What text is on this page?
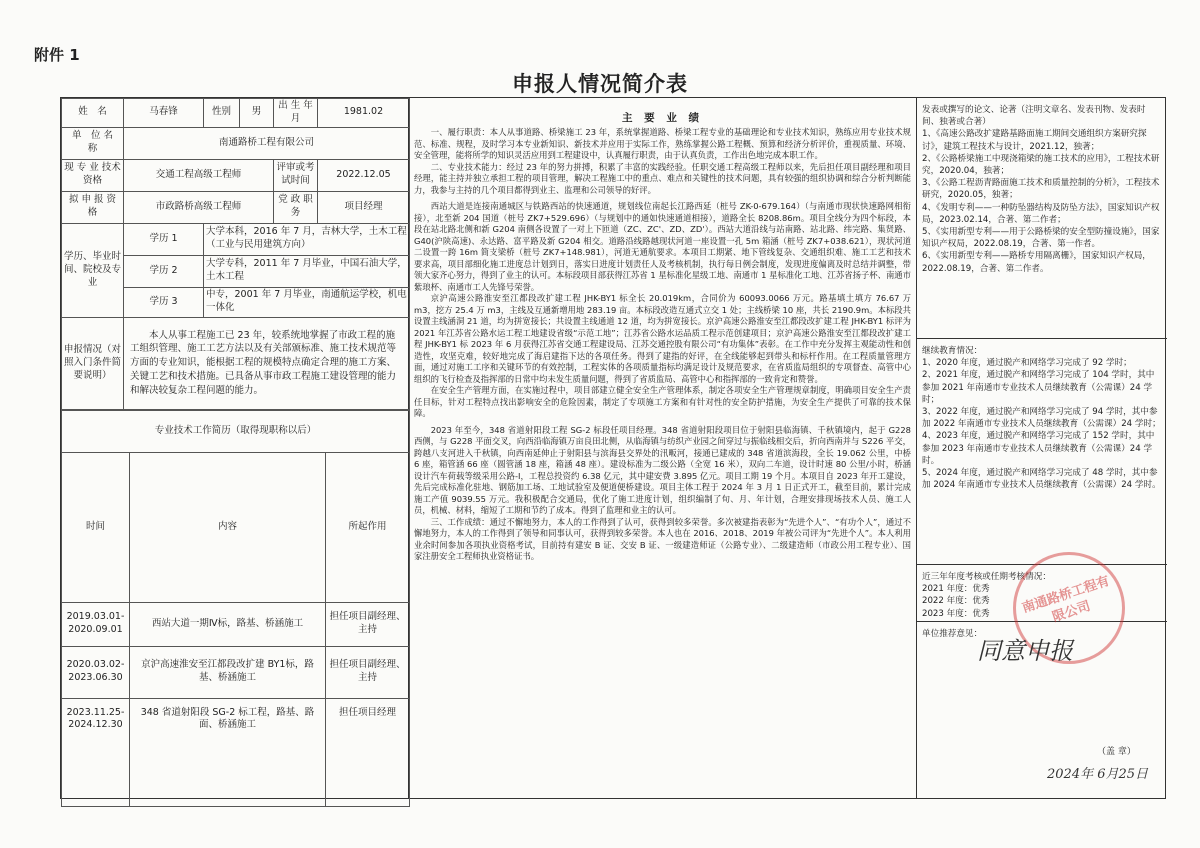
附件 1
申报人情况简介表
姓　名	马春锋	性别	男	出 生 年 月	1981.02
单　位 名　称	南通路桥工程有限公司				
现 专 业 技术资格	交通工程高级工程师			评审或考试时间	2022.12.05
拟 申 报 资　格	市政路桥高级工程师			党 政 职 务	项目经理
学历、毕业时间、院校及专业	学历 1	大学本科，2016 年 7 月，吉林大学，土木工程（工业与民用建筑方向）			
	学历 2	大学专科，2011 年 7 月毕业，中国石油大学，土木工程			
	学历 3	中专，2001 年 7 月毕业，南通航运学校，机电一体化			
申报情况（对照入门条件简要说明）	本人从事工程施工已 23 年，较系统地掌握了市政工程的施工组织管理、施工工艺方法以及有关部颁标准、施工技术规范等方面的专业知识，能根据工程的规模特点确定合理的施工方案、关键工艺和技术措施。已具备从事市政工程施工建设管理的能力和解决较复杂工程问题的能力。				
专业技术工作简历（取得现职称以后）		
时间	内容	所起作用
2019.03.01-2020.09.01	西站大道一期Ⅳ标，路基、桥涵施工	担任项目副经理、主持
2020.03.02-2023.06.30	京沪高速淮安至江都段改扩建 BY1标，路基、桥涵施工	担任项目副经理、主持
2023.11.25-2024.12.30	348 省道射阳段 SG-2 标工程，路基、路面、桥涵施工	担任项目经理
主 要 业 绩

一、履行职责：本人从事道路、桥梁施工 23 年，系统掌握道路、桥梁工程专业的基础理论和专业技术知识，熟练应用专业技术规范、标准、规程，及时学习本专业新知识、新技术并应用于实际工作，熟练掌握公路工程概、预算和经济分析评价，重视质量、环境、安全管理，能将所学的知识灵活应用到工程建设中，认真履行职责，由于认真负责，工作出色地完成本职工作。

二、专业技术能力：经过 23 年的努力拼搏，积累了丰富的实践经验。任职交通工程高级工程师以来，先后担任项目副经理和项目经理，能主持并独立承担工程的项目管理，解决工程施工中的重点、难点和关键性的技术问题，具有较强的组织协调和综合分析判断能力，我参与主持的几个项目都得到业主、监理和公司领导的好评。

西站大道是连接南通城区与铁路西站的快速通道，规划线位南起长江路西延（桩号 ZK-0-679.164）（与南通市现状快速路网相衔接），北至新 204 国道（桩号 ZK7+529.696）（与规划中的通如快速通道相接），道路全长 8208.86m。项目全线分为四个标段，本段在站北路北侧和新 G204 南侧各设置了一对上下匝道（ZC、ZC'、ZD、ZD'）。西站大道沿线与站南路、站北路、纬完路、集贤路、G40(沪陕高速)、永达路、富平路及新 G204 相交。道路沿线路越现状河道一座设置一孔 5m 箱涵（桩号 ZK7+038.621），现状河道二设置一跨 16m 简支梁桥（桩号 ZK7+148.981），河道无通航要求。本项目工期紧、地下管线复杂、交通组织难、施工工艺和技术要求高，项目部细化施工进度总计划到日，落实日进度计划责任人及考核机制，执行每日例会制度，发现进度偏离及时总结并调整，带领大家齐心努力，得到了业主的认可。本标段项目部获得江苏省 1 星标准化星级工地、南通市 1 星标准化工地、江苏省扬子杯、南通市紫琅杯、南通市工人先锋号荣誉。

京沪高速公路淮安至江都段改扩建工程 JHK-BY1 标全长 20.019km，合同价为 60093.0066 万元。路基填土填方 76.67 万 m3，挖方 25.4 万 m3，主线及互通新增用地 283.19 亩。本标段改造互通式立交 1 处；主线桥梁 10 座，共长 2190.9m。本标段共设置主线涵洞 21 道，均为拼宽接长；共设置主线通道 12 道，均为拼宽接长。京沪高速公路淮安至江都段改扩建工程 JHK-BY1 标评为 2021 年江苏省公路水运工程工地建设省级“示范工地”；江苏省公路水运品质工程示范创建项目；京沪高速公路淮安至江都段改扩建工程 JHK-BY1 标 2023 年 6 月获得江苏省交通工程建设局、江苏交通控股有限公司“有功集体”表彰。在工作中充分发挥主观能动性和创造性，攻坚克难，较好地完成了海启建指下达的各项任务。得到了建指的好评，在全线能够起到带头和标杆作用。在工程质量管理方面，通过对施工工序和关键环节的有效控制，工程实体的各项质量指标均满足设计及规范要求，在省质监局组织的专项督查、高管中心组织的飞行检查及指挥部的日常中均未发生质量问题，得到了省质监局、高管中心和指挥部的一致肯定和赞誉。

在安全生产管理方面，在实施过程中，项目部建立健全安全生产管理体系，制定各项安全生产管理规章制度，明确项目安全生产责任目标，针对工程特点找出影响安全的危险因素，制定了专项施工方案和有针对性的安全防护措施，为安全生产提供了可靠的技术保障。

2023 年至今，348 省道射阳段工程 SG-2 标段任项目经理。348 省道射阳段项目位于射阳县临海镇、千秋镇境内，起于 G228 西侧，与 G228 平面交叉，向西沿临海镇万亩良田北侧，从临海镇与纺织产业园之间穿过与振临线相交后，折向西南并与 S226 平交，跨越八支河进入千秋镇，向西南延伸止于射阳县与滨海县交界处的汛畈河，接通已建成的 348 省道滨海段，全长 19.062 公里，中桥 6 座，箱管涵 66 座（圆管涵 18 座，箱涵 48 座）。建设标准为二级公路（全宽 16 米），双向二车道，设计时速 80 公里/小时，桥涵设计汽车荷载等级采用公路-I，工程总投资约 6.38 亿元，其中建安费 3.895 亿元。项目工期 19 个月。本项目自 2023 年开工建设，先后完成标准化驻地、钢筋加工场、工地试验室及便道便桥建设。项目主体工程于 2024 年 3 月 1 日正式开工，截至目前，累计完成施工产值 9039.55 万元。我积极配合交通局，优化了施工进度计划，组织编制了旬、月、年计划，合理安排现场技术人员、施工人员，机械、材料，缩短了工期和节约了成本。得到了监理和业主的认可。

三、工作成绩：通过不懈地努力，本人的工作得到了认可，获得到较多荣誉。多次被建指表彰为“先进个人”、“有功个人”，通过不懈地努力，本人的工作得到了领导和同事认可，获得到较多荣誉。本人也在 2016、2018、2019 年被公司评为“先进个人”。本人利用业余时间参加各项执业资格考试，目前持有建安 B 证、交安 B 证、一级建造师证（公路专业）、二级建造师（市政公用工程专业）、国家注册安全工程师执业资格证书。

发表或撰写的论文、论著（注明文章名、发表刊物、发表时间、独著或合著）
1、《高速公路改扩建路基路面施工期间交通组织方案研究探讨》，建筑工程技术与设计，2021.12，独著；
2、《公路桥梁施工中现浇箱梁的施工技术的应用》，工程技术研究，2020.04，独著；
3、《公路工程沥青路面施工技术和质量控制的分析》，工程技术研究，2020.05，独著；
4、《发明专利——一种防坠器结构及防坠方法》，国家知识产权局，2023.02.14，合著、第二作者；
5、《实用新型专利——用于公路桥梁的安全型防撞设施》，国家知识产权局，2022.08.19，合著、第一作者。
6、《实用新型专利——路桥专用隔离栅》，国家知识产权局，2022.08.19，合著、第二作者。
继续教育情况：
1、2020 年度，通过脱产和网络学习完成了 92 学时；
2、2021 年度，通过脱产和网络学习完成了 104 学时，其中参加 2021 年南通市专业技术人员继续教育（公需课）24 学时；
3、2022 年度，通过脱产和网络学习完成了 94 学时，其中参加 2022 年南通市专业技术人员继续教育（公需课）24 学时；
4、2023 年度，通过脱产和网络学习完成了 152 学时，其中参加 2023 年南通市专业技术人员继续教育（公需课）24 学时。
5、2024 年度，通过脱产和网络学习完成了 48 学时，其中参加 2024 年南通市专业技术人员继续教育（公需课）24 学时。
近三年年度考核或任期考核情况：
2021 年度：优秀
2022 年度：优秀
2023 年度：优秀
单位推荐意见：
南通路桥工程有限公司
同意申报
（盖 章）
2024年 6月25日
